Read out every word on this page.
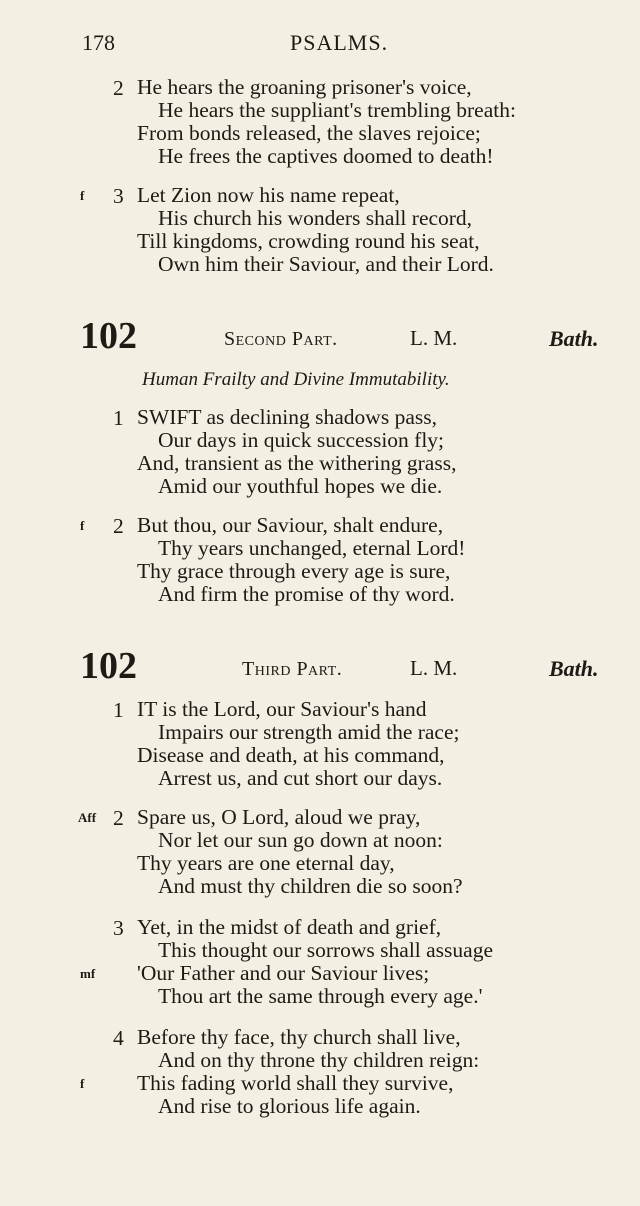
178	PSALMS.
2 He hears the groaning prisoner's voice,
He hears the suppliant's trembling breath:
From bonds released, the slaves rejoice;
He frees the captives doomed to death!
f 3 Let Zion now his name repeat,
His church his wonders shall record,
Till kingdoms, crowding round his seat,
Own him their Saviour, and their Lord.
102	Second Part.	L. M.	Bath.
Human Frailty and Divine Immutability.
1 SWIFT as declining shadows pass,
Our days in quick succession fly;
And, transient as the withering grass,
Amid our youthful hopes we die.
f 2 But thou, our Saviour, shalt endure,
Thy years unchanged, eternal Lord!
Thy grace through every age is sure,
And firm the promise of thy word.
102	Third Part.	L. M.	Bath.
1 IT is the Lord, our Saviour's hand
Impairs our strength amid the race;
Disease and death, at his command,
Arrest us, and cut short our days.
Aff 2 Spare us, O Lord, aloud we pray,
Nor let our sun go down at noon:
Thy years are one eternal day,
And must thy children die so soon?
3 Yet, in the midst of death and grief,
This thought our sorrows shall assuage
mf 'Our Father and our Saviour lives;
Thou art the same through every age.'
4 Before thy face, thy church shall live,
And on thy throne thy children reign:
f This fading world shall they survive,
And rise to glorious life again.
